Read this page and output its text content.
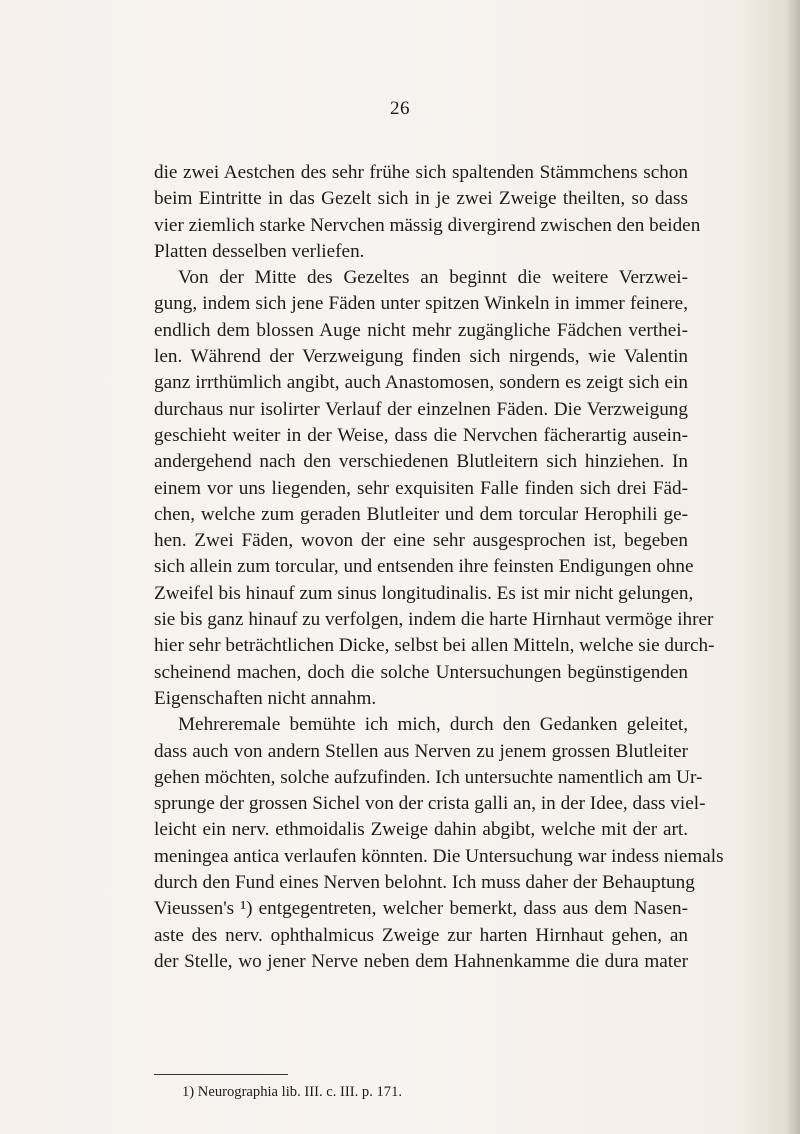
26
die zwei Aestchen des sehr frühe sich spaltenden Stämmchens schon
beim Eintritte in das Gezelt sich in je zwei Zweige theilten, so dass
vier ziemlich starke Nervchen mässig divergirend zwischen den beiden
Platten desselben verliefen.
Von der Mitte des Gezeltes an beginnt die weitere Verzwei-
gung, indem sich jene Fäden unter spitzen Winkeln in immer feinere,
endlich dem blossen Auge nicht mehr zugängliche Fädchen verthei-
len. Während der Verzweigung finden sich nirgends, wie Valentin
ganz irrthümlich angibt, auch Anastomosen, sondern es zeigt sich ein
durchaus nur isolirter Verlauf der einzelnen Fäden. Die Verzweigung
geschieht weiter in der Weise, dass die Nervchen fächerartig ausein-
andergehend nach den verschiedenen Blutleitern sich hinziehen. In
einem vor uns liegenden, sehr exquisiten Falle finden sich drei Fäd-
chen, welche zum geraden Blutleiter und dem torcular Herophili ge-
hen. Zwei Fäden, wovon der eine sehr ausgesprochen ist, begeben
sich allein zum torcular, und entsenden ihre feinsten Endigungen ohne
Zweifel bis hinauf zum sinus longitudinalis. Es ist mir nicht gelungen,
sie bis ganz hinauf zu verfolgen, indem die harte Hirnhaut vermöge ihrer
hier sehr beträchtlichen Dicke, selbst bei allen Mitteln, welche sie durch-
scheinend machen, doch die solche Untersuchungen begünstigenden
Eigenschaften nicht annahm.
Mehreremale bemühte ich mich, durch den Gedanken geleitet,
dass auch von andern Stellen aus Nerven zu jenem grossen Blutleiter
gehen möchten, solche aufzufinden. Ich untersuchte namentlich am Ur-
sprunge der grossen Sichel von der crista galli an, in der Idee, dass viel-
leicht ein nerv. ethmoidalis Zweige dahin abgibt, welche mit der art.
meningea antica verlaufen könnten. Die Untersuchung war indess niemals
durch den Fund eines Nerven belohnt. Ich muss daher der Behauptung
Vieussen's ¹) entgegentreten, welcher bemerkt, dass aus dem Nasen-
aste des nerv. ophthalmicus Zweige zur harten Hirnhaut gehen, an
der Stelle, wo jener Nerve neben dem Hahnenkamme die dura mater
1) Neurographia lib. III. c. III. p. 171.
